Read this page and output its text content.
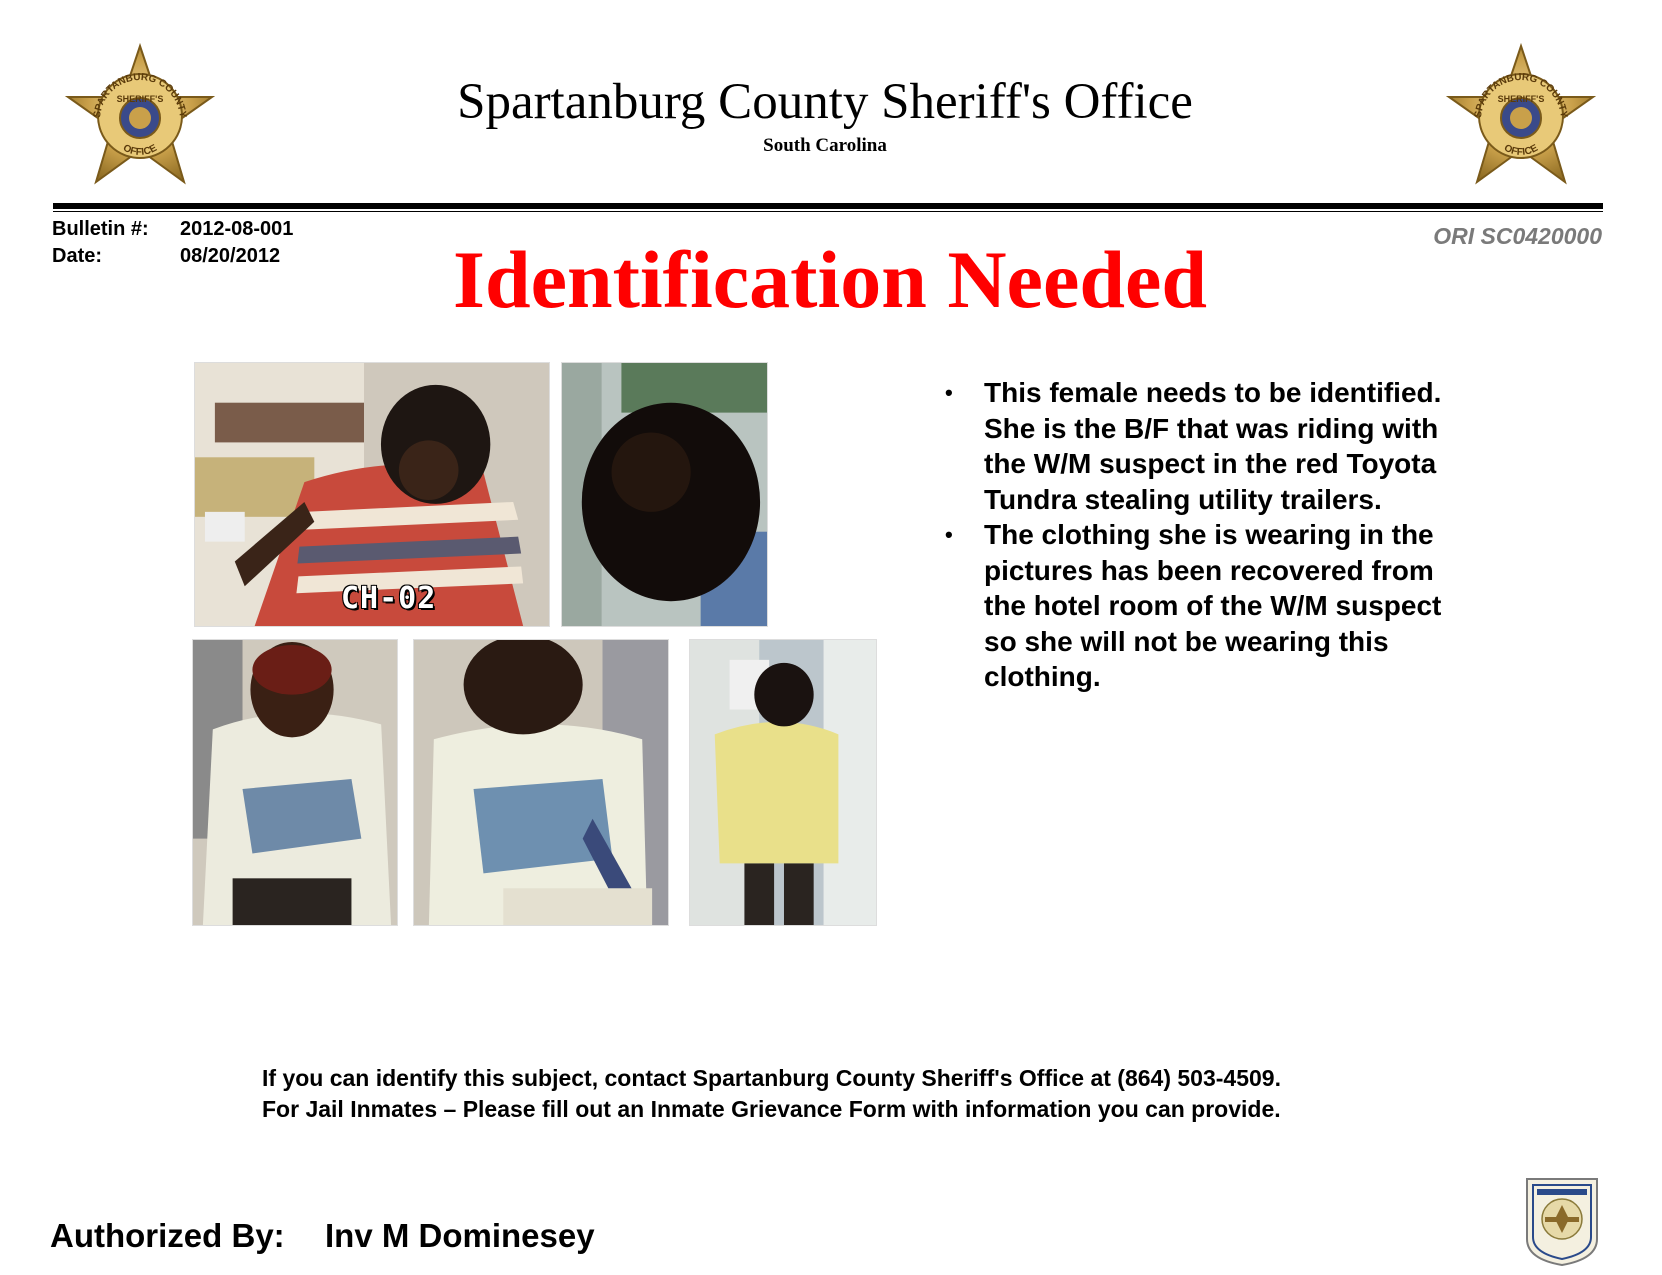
SPARTANBURG COUNTY
SHERIFF'S
OFFICE
Spartanburg County Sheriff's Office
South Carolina
SPARTANBURG COUNTY
SHERIFF'S
OFFICE
Bulletin #: 2012-08-001
Date:	08/20/2012
ORI SC0420000
Identification Needed
CH-02
• This female needs to be identified. She is the B/F that was riding with the W/M suspect in the red Toyota Tundra stealing utility trailers.
• The clothing she is wearing in the pictures has been recovered from the hotel room of the W/M suspect so she will not be wearing this clothing.
If you can identify this subject, contact Spartanburg County Sheriff's Office at (864) 503-4509.
For Jail Inmates – Please fill out an Inmate Grievance Form with information you can provide.
Authorized By: Inv M Dominesey
